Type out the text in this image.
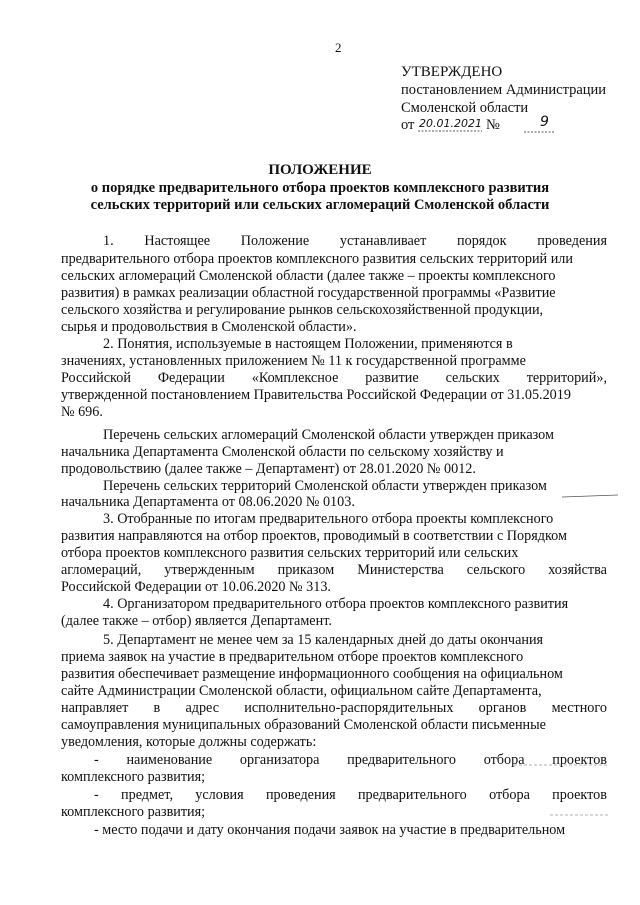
2
УТВЕРЖДЕНО
постановлением Администрации
Смоленской области
от 20.01.2021 №	9
ПОЛОЖЕНИЕ
о порядке предварительного отбора проектов комплексного развития
сельских территорий или сельских агломераций Смоленской области
1. Настоящее Положение устанавливает порядок проведения
предварительного отбора проектов комплексного развития сельских территорий или
сельских агломераций Смоленской области (далее также – проекты комплексного
развития) в рамках реализации областной государственной программы «Развитие
сельского хозяйства и регулирование рынков сельскохозяйственной продукции,
сырья и продовольствия в Смоленской области».
2. Понятия, используемые в настоящем Положении, применяются в
значениях, установленных приложением № 11 к государственной программе
Российской Федерации «Комплексное развитие сельских территорий»,
утвержденной постановлением Правительства Российской Федерации от 31.05.2019
№ 696.
Перечень сельских агломераций Смоленской области утвержден приказом
начальника Департамента Смоленской области по сельскому хозяйству и
продовольствию (далее также – Департамент) от 28.01.2020 № 0012.
Перечень сельских территорий Смоленской области утвержден приказом
начальника Департамента от 08.06.2020 № 0103.
3. Отобранные по итогам предварительного отбора проекты комплексного
развития направляются на отбор проектов, проводимый в соответствии с Порядком
отбора проектов комплексного развития сельских территорий или сельских
агломераций, утвержденным приказом Министерства сельского хозяйства
Российской Федерации от 10.06.2020 № 313.
4. Организатором предварительного отбора проектов комплексного развития
(далее также – отбор) является Департамент.
5. Департамент не менее чем за 15 календарных дней до даты окончания
приема заявок на участие в предварительном отборе проектов комплексного
развития обеспечивает размещение информационного сообщения на официальном
сайте Администрации Смоленской области, официальном сайте Департамента,
направляет в адрес исполнительно-распорядительных органов местного
самоуправления муниципальных образований Смоленской области письменные
уведомления, которые должны содержать:
- наименование организатора предварительного отбора проектов
комплексного развития;
- предмет, условия проведения предварительного отбора проектов
комплексного развития;
- место подачи и дату окончания подачи заявок на участие в предварительном
